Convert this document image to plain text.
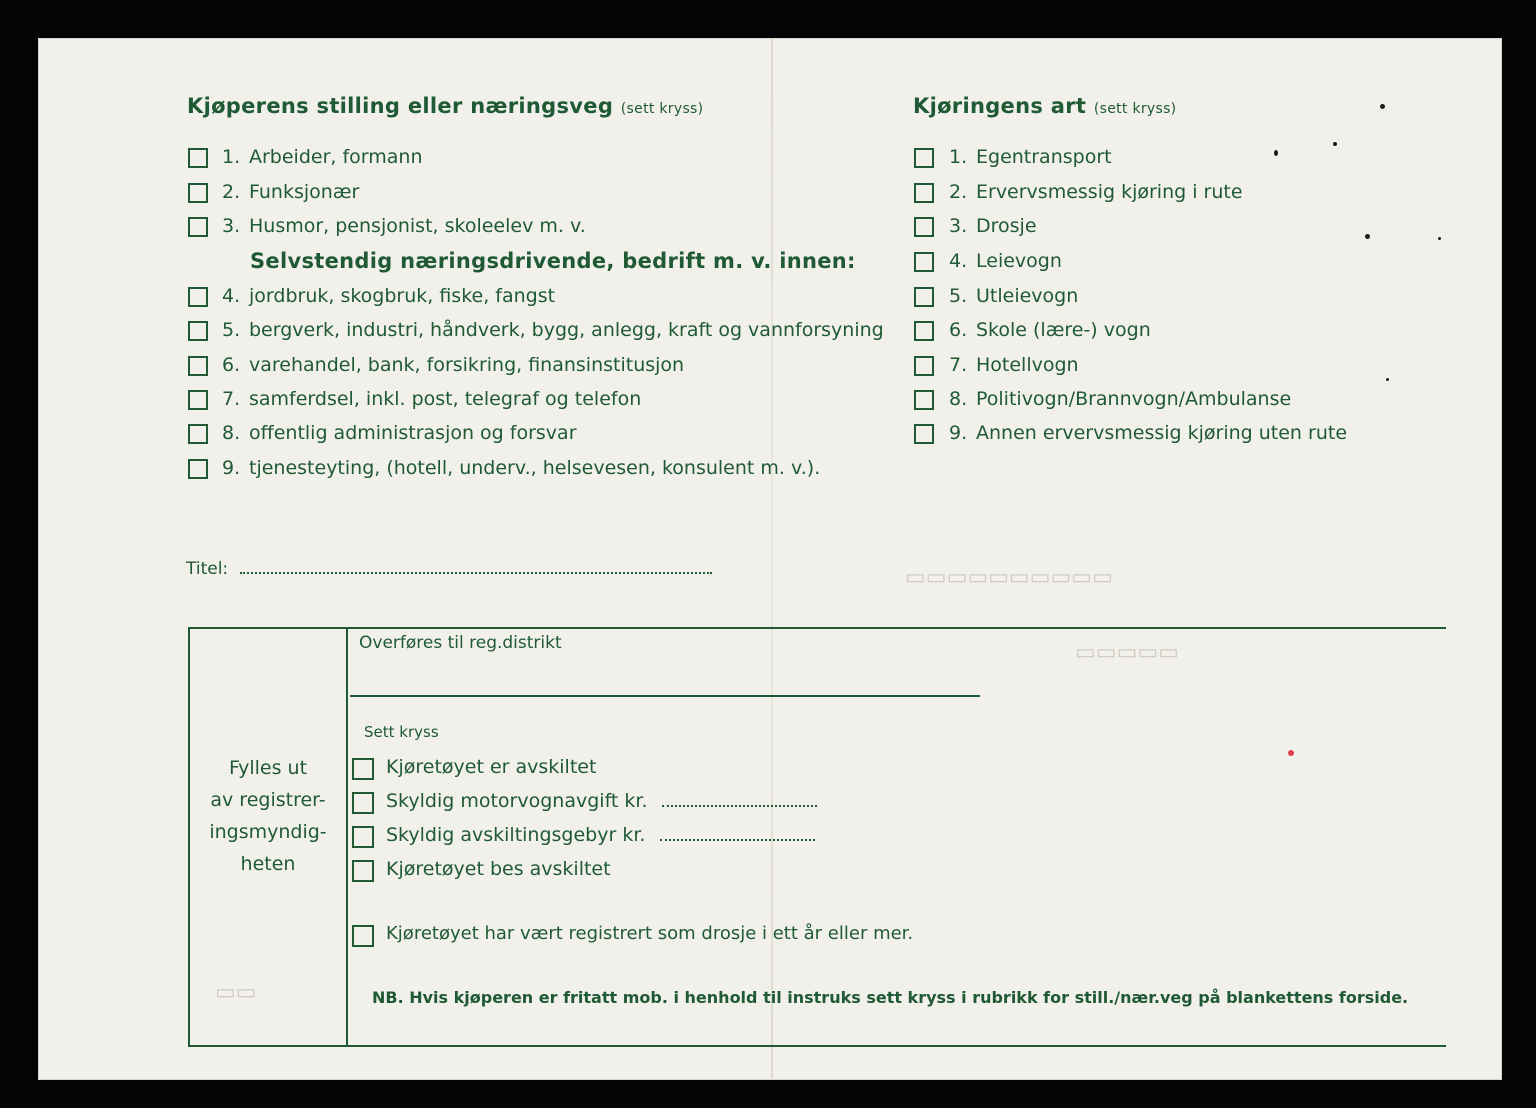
▭▭▭▭▭▭▭▭▭▭
▭▭▭▭▭
▭▭
Kjøperens stilling eller næringsveg (sett kryss)
1. Arbeider, formann
2. Funksjonær
3. Husmor, pensjonist, skoleelev m. v.
Selvstendig næringsdrivende, bedrift m. v. innen:
4. jordbruk, skogbruk, fiske, fangst
5. bergverk, industri, håndverk, bygg, anlegg, kraft og vannforsyning
6. varehandel, bank, forsikring, finansinstitusjon
7. samferdsel, inkl. post, telegraf og telefon
8. offentlig administrasjon og forsvar
9. tjenesteyting, (hotell, underv., helsevesen, konsulent m. v.).
Kjøringens art (sett kryss)
1. Egentransport
2. Ervervsmessig kjøring i rute
3. Drosje
4. Leievogn
5. Utleievogn
6. Skole (lære-) vogn
7. Hotellvogn
8. Politivogn/Brannvogn/Ambulanse
9. Annen ervervsmessig kjøring uten rute
Titel:
Fylles ut
av registrer-
ingsmyndig-
heten
Overføres til reg.distrikt
Sett kryss
Kjøretøyet er avskiltet
Skyldig motorvognavgift kr.
Skyldig avskiltingsgebyr kr.
Kjøretøyet bes avskiltet
Kjøretøyet har vært registrert som drosje i ett år eller mer.
NB. Hvis kjøperen er fritatt mob. i henhold til instruks sett kryss i rubrikk for still./nær.veg på blankettens forside.
